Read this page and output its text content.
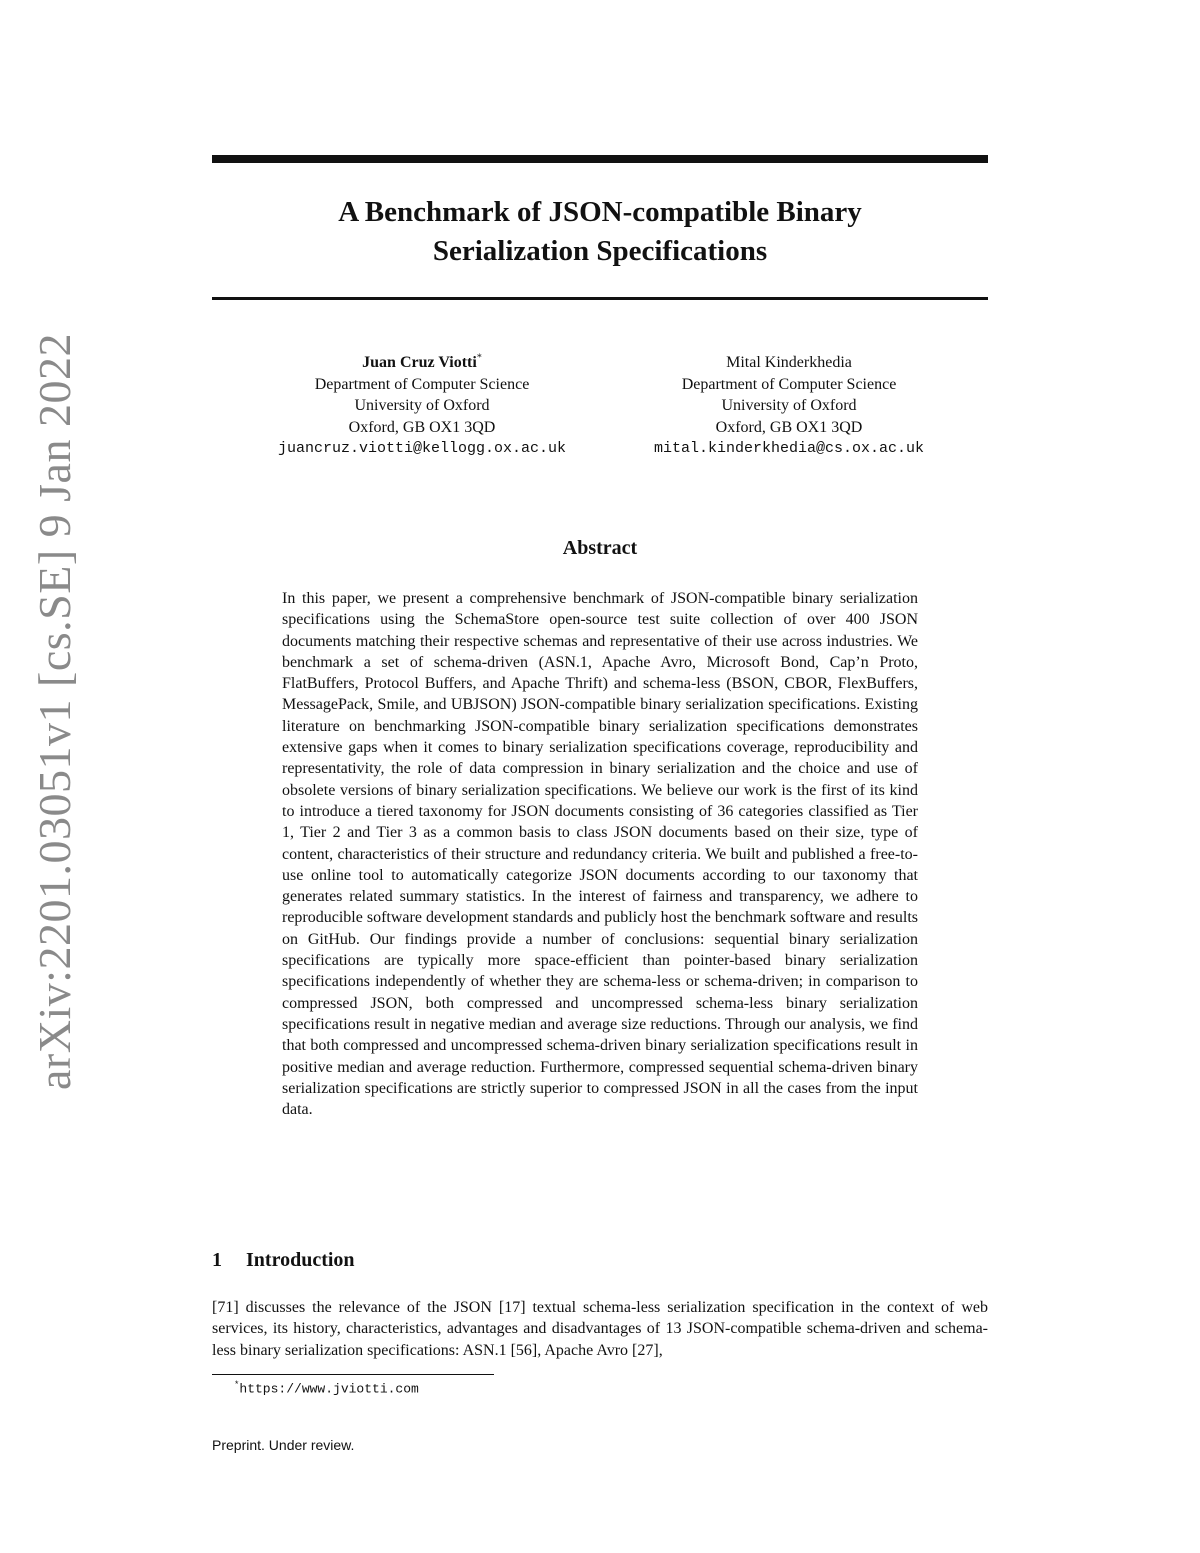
arXiv:2201.03051v1 [cs.SE] 9 Jan 2022
A Benchmark of JSON-compatible Binary
Serialization Specifications
Juan Cruz Viotti*
Department of Computer Science
University of Oxford
Oxford, GB OX1 3QD
juancruz.viotti@kellogg.ox.ac.uk
Mital Kinderkhedia
Department of Computer Science
University of Oxford
Oxford, GB OX1 3QD
mital.kinderkhedia@cs.ox.ac.uk
Abstract

In this paper, we present a comprehensive benchmark of JSON-compatible binary serialization specifications using the SchemaStore open-source test suite collection of over 400 JSON documents matching their respective schemas and representative of their use across industries. We benchmark a set of schema-driven (ASN.1, Apache Avro, Microsoft Bond, Cap’n Proto, FlatBuffers, Protocol Buffers, and Apache Thrift) and schema-less (BSON, CBOR, FlexBuffers, MessagePack, Smile, and UBJSON) JSON-compatible binary serialization specifications. Existing literature on benchmarking JSON-compatible binary serialization specifications demonstrates extensive gaps when it comes to binary serialization specifications coverage, reproducibility and representativity, the role of data compression in binary serialization and the choice and use of obsolete versions of binary serialization specifications. We believe our work is the first of its kind to introduce a tiered taxonomy for JSON documents consisting of 36 categories classified as Tier 1, Tier 2 and Tier 3 as a common basis to class JSON documents based on their size, type of content, characteristics of their structure and redundancy criteria. We built and published a free-to-use online tool to automatically categorize JSON documents according to our taxonomy that generates related summary statistics. In the interest of fairness and transparency, we adhere to reproducible software development standards and publicly host the benchmark software and results on GitHub. Our findings provide a number of conclusions: sequential binary serialization specifications are typically more space-efficient than pointer-based binary serialization specifications independently of whether they are schema-less or schema-driven; in comparison to compressed JSON, both compressed and uncompressed schema-less binary serialization specifications result in negative median and average size reductions. Through our analysis, we find that both compressed and uncompressed schema-driven binary serialization specifications result in positive median and average reduction. Furthermore, compressed sequential schema-driven binary serialization specifications are strictly superior to compressed JSON in all the cases from the input data.

1 Introduction

[71] discusses the relevance of the JSON [17] textual schema-less serialization specification in the context of web services, its history, characteristics, advantages and disadvantages of 13 JSON-compatible schema-driven and schema-less binary serialization specifications: ASN.1 [56], Apache Avro [27],

*https://www.jviotti.com
Preprint. Under review.
